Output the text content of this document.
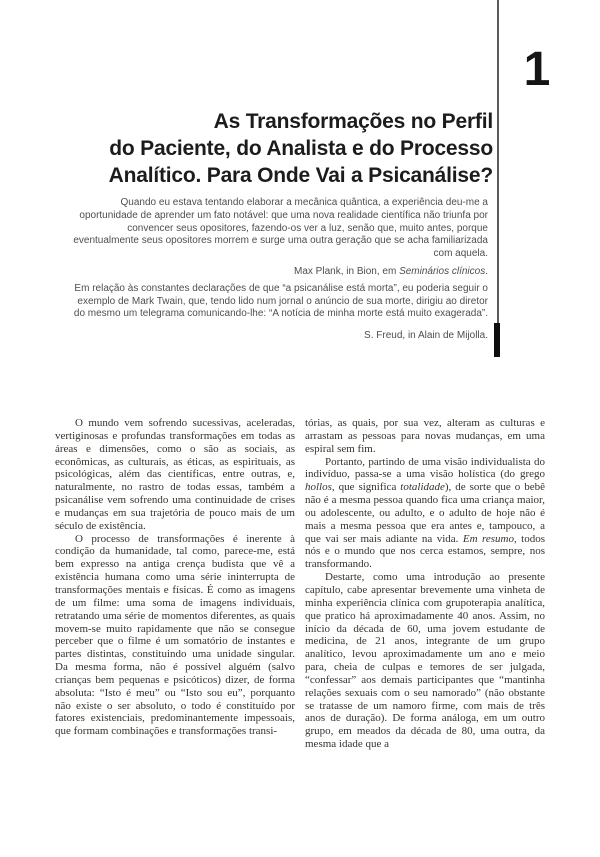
1
As Transformações no Perfil
do Paciente, do Analista e do Processo
Analítico. Para Onde Vai a Psicanálise?
Quando eu estava tentando elaborar a mecânica quântica, a experiência deu-me a oportunidade de aprender um fato notável: que uma nova realidade científica não triunfa por convencer seus opositores, fazendo-os ver a luz, senão que, muito antes, porque eventualmente seus opositores morrem e surge uma outra geração que se acha familiarizada com aquela.
Max Plank, in Bion, em Seminários clínicos.
Em relação às constantes declarações de que “a psicanálise está morta”, eu poderia seguir o exemplo de Mark Twain, que, tendo lido num jornal o anúncio de sua morte, dirigiu ao diretor do mesmo um telegrama comunicando-lhe: “A notícia de minha morte está muito exagerada”.
S. Freud, in Alain de Mijolla.

O mundo vem sofrendo sucessivas, aceleradas, vertiginosas e profundas transformações em todas as áreas e dimensões, como o são as sociais, as econômicas, as culturais, as éticas, as espirituais, as psicológicas, além das científicas, entre outras, e, naturalmente, no rastro de todas essas, também a psicanálise vem sofrendo uma continuidade de crises e mudanças em sua trajetória de pouco mais de um século de existência.

O processo de transformações é inerente à condição da humanidade, tal como, parece-me, está bem expresso na antiga crença budista que vê a existência humana como uma série ininterrupta de transformações mentais e físicas. É como as imagens de um filme: uma soma de imagens individuais, retratando uma série de momentos diferentes, as quais movem-se muito rapidamente que não se consegue perceber que o filme é um somatório de instantes e partes distintas, constituindo uma unidade singular. Da mesma forma, não é possível alguém (salvo crianças bem pequenas e psicóticos) dizer, de forma absoluta: “Isto é meu” ou “Isto sou eu”, porquanto não existe o ser absoluto, o todo é constituído por fatores existenciais, predominantemente impessoais, que formam combinações e transformações transi-

tórias, as quais, por sua vez, alteram as culturas e arrastam as pessoas para novas mudanças, em uma espiral sem fim.

Portanto, partindo de uma visão individualista do indivíduo, passa-se a uma visão holística (do grego hollos, que significa totalidade), de sorte que o bebê não é a mesma pessoa quando fica uma criança maior, ou adolescente, ou adulto, e o adulto de hoje não é mais a mesma pessoa que era antes e, tampouco, a que vai ser mais adiante na vida. Em resumo, todos nós e o mundo que nos cerca estamos, sempre, nos transformando.

Destarte, como uma introdução ao presente capítulo, cabe apresentar brevemente uma vinheta de minha experiência clínica com grupoterapia analítica, que pratico há aproximadamente 40 anos. Assim, no início da década de 60, uma jovem estudante de medicina, de 21 anos, integrante de um grupo analítico, levou aproximadamente um ano e meio para, cheia de culpas e temores de ser julgada, “confessar” aos demais participantes que “mantinha relações sexuais com o seu namorado” (não obstante se tratasse de um namoro firme, com mais de três anos de duração). De forma análoga, em um outro grupo, em meados da década de 80, uma outra, da mesma idade que a
